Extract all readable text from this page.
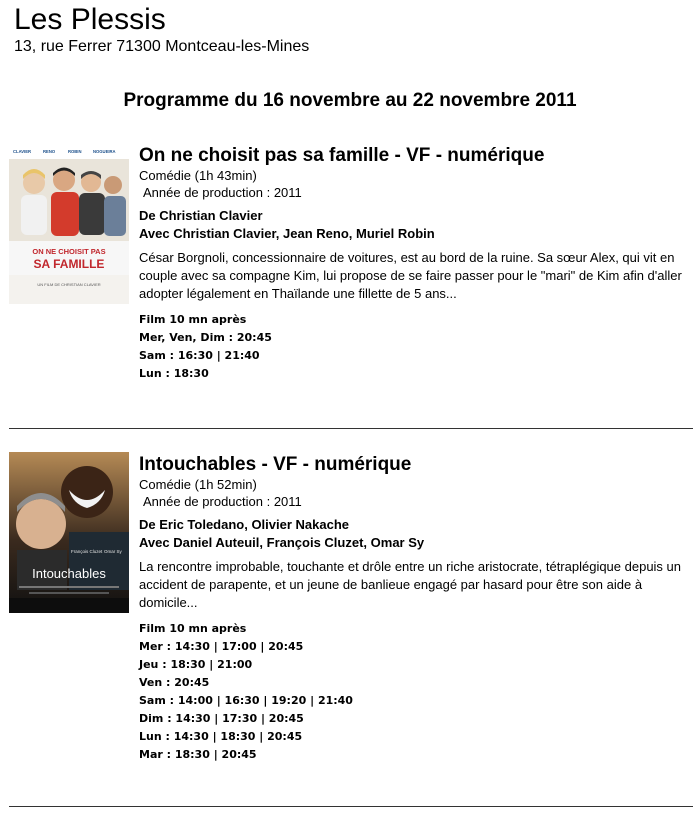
Les Plessis
13, rue Ferrer 71300 Montceau-les-Mines
Programme du 16 novembre au 22 novembre 2011
CLAVIER	RENO	ROBIN	NOGUEIRA
ON NE CHOISIT PAS
SA FAMILLE
UN FILM DE CHRISTIAN CLAVIER
On ne choisit pas sa famille - VF - numérique
Comédie (1h 43min)
Année de production : 2011
De Christian Clavier
Avec Christian Clavier, Jean Reno, Muriel Robin
César Borgnoli, concessionnaire de voitures, est au bord de la ruine. Sa sœur Alex, qui vit en couple avec sa compagne Kim, lui propose de se faire passer pour le "mari" de Kim afin d'aller adopter légalement en Thaïlande une fillette de 5 ans...
Film 10 mn après
Mer, Ven, Dim : 20:45
Sam : 16:30 | 21:40
Lun : 18:30
François Cluzet Omar Sy
Intouchables
Intouchables - VF - numérique
Comédie (1h 52min)
Année de production : 2011
De Eric Toledano, Olivier Nakache
Avec Daniel Auteuil, François Cluzet, Omar Sy
La rencontre improbable, touchante et drôle entre un riche aristocrate, tétraplégique depuis un accident de parapente, et un jeune de banlieue engagé par hasard pour être son aide à domicile...
Film 10 mn après
Mer : 14:30 | 17:00 | 20:45
Jeu : 18:30 | 21:00
Ven : 20:45
Sam : 14:00 | 16:30 | 19:20 | 21:40
Dim : 14:30 | 17:30 | 20:45
Lun : 14:30 | 18:30 | 20:45
Mar : 18:30 | 20:45
